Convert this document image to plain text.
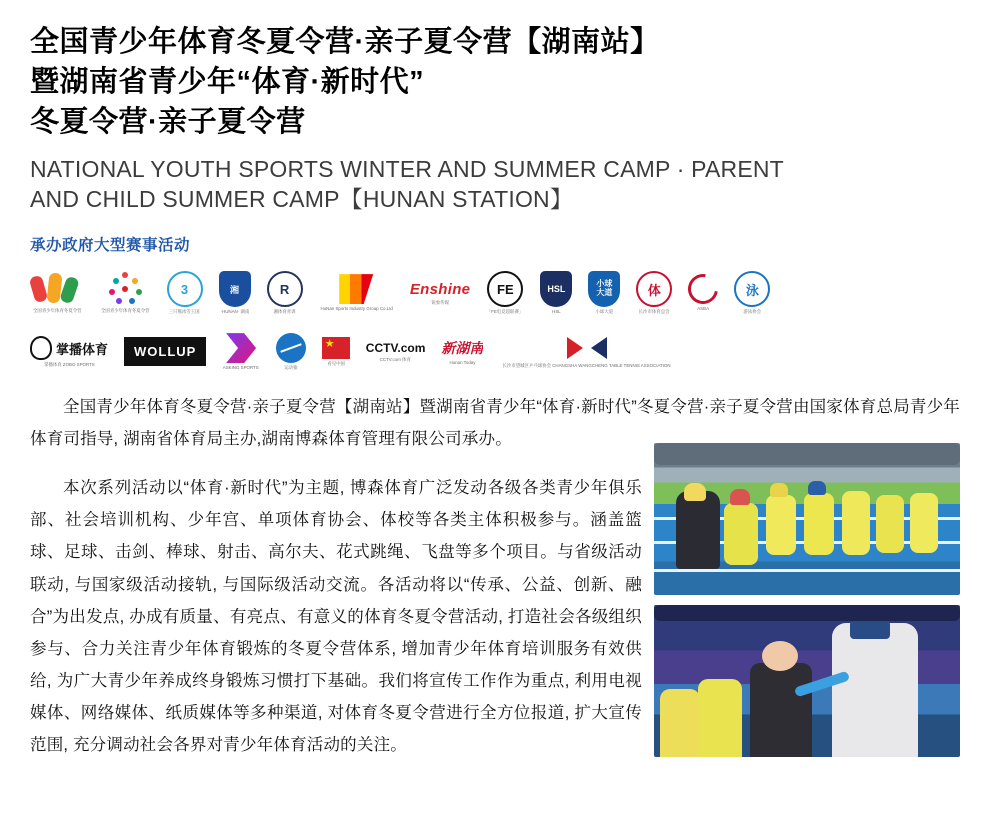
全国青少年体育冬夏令营·亲子夏令营【湖南站】
暨湖南省青少年“体育·新时代”
冬夏令营·亲子夏令营
NATIONAL YOUTH SPORTS WINTER AND SUMMER CAMP · PARENT
AND CHILD SUMMER CAMP【HUNAN STATION】
承办政府大型赛事活动
全国青少年体育冬夏令营	全国青少年体育冬夏令营
3
三只熊冰雪王国
湘
·HUNAN· 湖南
R
湘体育青训
HuNan Sports Industry Group Co.Ltd
Enshine
锐象传媒
FE
「FE电竞超联赛」
HSL
HSL
小球
大道
小球大道
体
长沙市体育总会
ASBA
泳
游泳协会
掌播体育
掌播体育 ZOBO SPORTS
WOLLUP
ASKING SPORTS	运动猿
★
看见中国
CCTV.com
CCTV.com 体育
新湖南
Hunan Today
长沙市望城区乒乓球协会 CHANGSHA WANGCHENG TABLE TENNIS ASSOCIATION

全国青少年体育冬夏令营·亲子夏令营【湖南站】暨湖南省青少年“体育·新时代”冬夏令营·亲子夏令营由国家体育总局青少年体育司指导, 湖南省体育局主办,湖南博森体育管理有限公司承办。

本次系列活动以“体育·新时代”为主题, 博森体育广泛发动各级各类青少年俱乐部、社会培训机构、少年宫、单项体育协会、体校等各类主体积极参与。涵盖篮球、足球、击剑、棒球、射击、高尔夫、花式跳绳、飞盘等多个项目。与省级活动联动, 与国家级活动接轨, 与国际级活动交流。各活动将以“传承、公益、创新、融合”为出发点, 办成有质量、有亮点、有意义的体育冬夏令营活动, 打造社会各级组织参与、合力关注青少年体育锻炼的冬夏令营体系, 增加青少年体育培训服务有效供给, 为广大青少年养成终身锻炼习惯打下基础。我们将宣传工作作为重点, 利用电视媒体、网络媒体、纸质媒体等多种渠道, 对体育冬夏令营进行全方位报道, 扩大宣传范围, 充分调动社会各界对青少年体育活动的关注。
